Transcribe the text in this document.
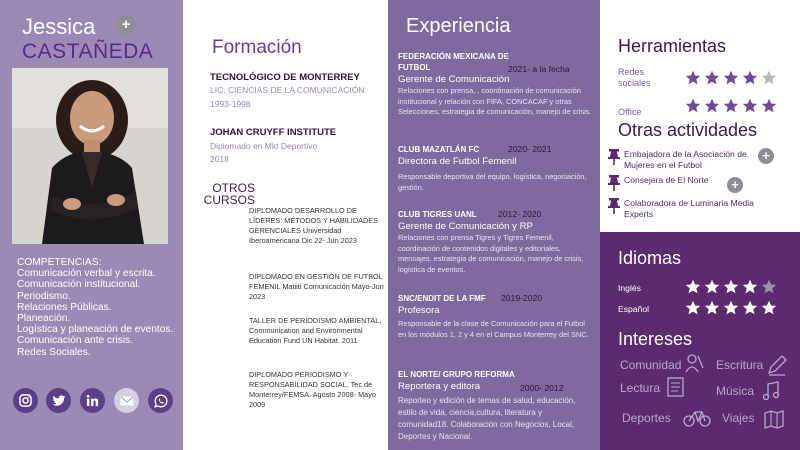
Jessica	+
CASTAÑEDA
COMPETENCIAS:
Comunicación verbal y escrita.
Comunicación institucional.
Periodismo.
Relaciones Públicas.
Planeación.
Logística y planeación de eventos.
Comunicación ante crisis.
Redes Sociales.
Formación
TECNOLÓGICO DE MONTERREY
LIC. CIENCIAS DE LA COMUNICACIÓN
1993-1998
JOHAN CRUYFF INSTITUTE
Diplomado en Mkt Deportivo
2018
OTROS
CURSOS
DIPLOMADO DESARROLLO DE LÍDERES: MÉTODOS Y HABILIDADES GERENCIALES Universidad Iberoamericana Dic 22- Jun 2023
DIPLOMADO EN GESTIÓN DE FUTBOL FEMENIL Matiiti Comunicación Mayo-Jun 2023
TALLER DE PERIODISMO AMBIENTAL, Communication and Environmental Education Fund UN Habitat. 2011
DIPLOMADO PERIODISMO Y RESPONSABILIDAD SOCIAL, Tec de Monterrey/FEMSA. Agosto 2008- Mayo 2009
Experiencia
FEDERACIÓN MEXICANA DE FUTBOL	2021- a la fecha
Gerente de Comunicación
Relaciones con prensa, , coordinación de comunicación institucional y relación con FIFA, CONCACAF y otras Selecciones, estrategia de comunicación, manejo de crisis.
CLUB MAZATLÁN FC	2020- 2021
Directora de Futbol Femenil
Responsable deportiva del equipo, logística, negociación, gestión.
CLUB TIGRES UANL	2012- 2020
Gerente de Comunicación y RP
Relaciones con prensa Tigres y Tigres Femenil, coordinación de contenidos digitales y editoriales, mensajes, estrategia de comunicación, manejo de crisis, logística de eventos.
SNC/ENDIT DE LA FMF	2019-2020
Profesora
Responsable de la clase de Comunicación para el Futbol en los módulos 1, 2 y 4 en el Campus Monterrey del SNC.
EL NORTE/ GRUPO REFORMA
2000- 2012
Reportera y editora
Reporteo y edición de temas de salud, educación, estilo de vida, ciencia,cultura, literatura y comunidad18. Colaboración con Negocios, Local, Deportes y Nacional.
Herramientas
Redes
sociales
Office
Otras actividades
Embajadora de la Asociación de
Mujeres en el Futbol
+
Consejera de El Norte	+
Colaboradora de Luminaria Media
Experts
Idiomas
Inglés
Español
Intereses
Comunidad	Escritura
Lectura	Música
Deportes	Viajes
